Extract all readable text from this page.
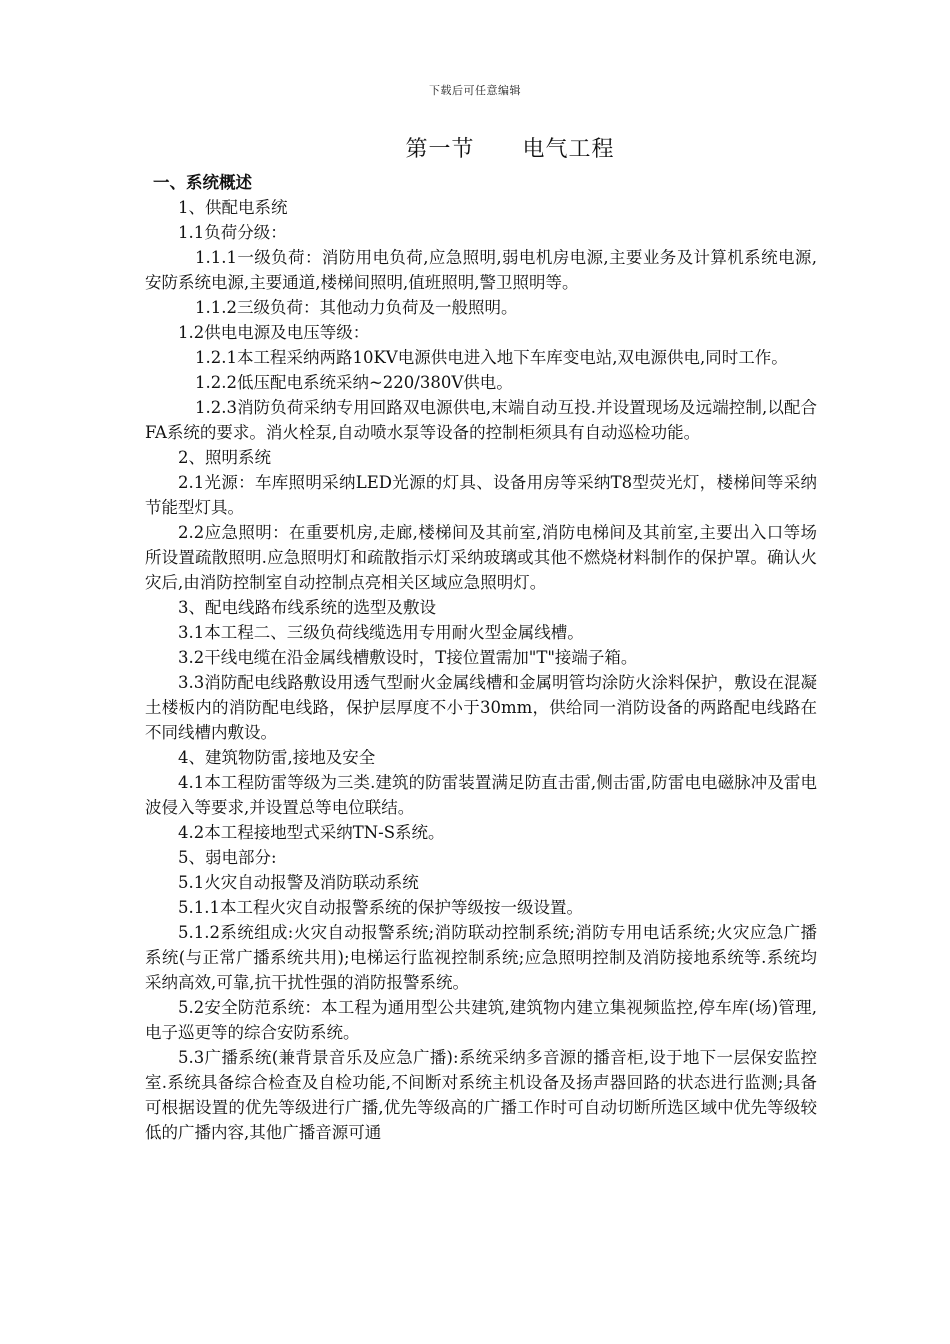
下载后可任意编辑
第一节 电气工程

一、系统概述

1、供配电系统

1.1负荷分级：

1.1.1一级负荷：消防用电负荷,应急照明,弱电机房电源,主要业务及计算机系统电源,安防系统电源,主要通道,楼梯间照明,值班照明,警卫照明等。

1.1.2三级负荷：其他动力负荷及一般照明。

1.2供电电源及电压等级：

1.2.1本工程采纳两路10KV电源供电进入地下车库变电站,双电源供电,同时工作。

1.2.2低压配电系统采纳~220/380V供电。

1.2.3消防负荷采纳专用回路双电源供电,末端自动互投.并设置现场及远端控制,以配合FA系统的要求。消火栓泵,自动喷水泵等设备的控制柜须具有自动巡检功能。

2、照明系统

2.1光源：车库照明采纳LED光源的灯具、设备用房等采纳T8型荧光灯，楼梯间等采纳节能型灯具。

2.2应急照明：在重要机房,走廊,楼梯间及其前室,消防电梯间及其前室,主要出入口等场所设置疏散照明.应急照明灯和疏散指示灯采纳玻璃或其他不燃烧材料制作的保护罩。确认火灾后,由消防控制室自动控制点亮相关区域应急照明灯。

3、配电线路布线系统的选型及敷设

3.1本工程二、三级负荷线缆选用专用耐火型金属线槽。

3.2干线电缆在沿金属线槽敷设时，T接位置需加"T"接端子箱。

3.3消防配电线路敷设用透气型耐火金属线槽和金属明管均涂防火涂料保护，敷设在混凝土楼板内的消防配电线路，保护层厚度不小于30mm，供给同一消防设备的两路配电线路在不同线槽内敷设。

4、建筑物防雷,接地及安全

4.1本工程防雷等级为三类.建筑的防雷装置满足防直击雷,侧击雷,防雷电电磁脉冲及雷电波侵入等要求,并设置总等电位联结。

4.2本工程接地型式采纳TN-S系统。

5、弱电部分:

5.1火灾自动报警及消防联动系统

5.1.1本工程火灾自动报警系统的保护等级按一级设置。

5.1.2系统组成:火灾自动报警系统;消防联动控制系统;消防专用电话系统;火灾应急广播系统(与正常广播系统共用);电梯运行监视控制系统;应急照明控制及消防接地系统等.系统均采纳高效,可靠,抗干扰性强的消防报警系统。

5.2安全防范系统：本工程为通用型公共建筑,建筑物内建立集视频监控,停车库(场)管理,电子巡更等的综合安防系统。

5.3广播系统(兼背景音乐及应急广播):系统采纳多音源的播音柜,设于地下一层保安监控室.系统具备综合检查及自检功能,不间断对系统主机设备及扬声器回路的状态进行监测;具备可根据设置的优先等级进行广播,优先等级高的广播工作时可自动切断所选区域中优先等级较低的广播内容,其他广播音源可通
